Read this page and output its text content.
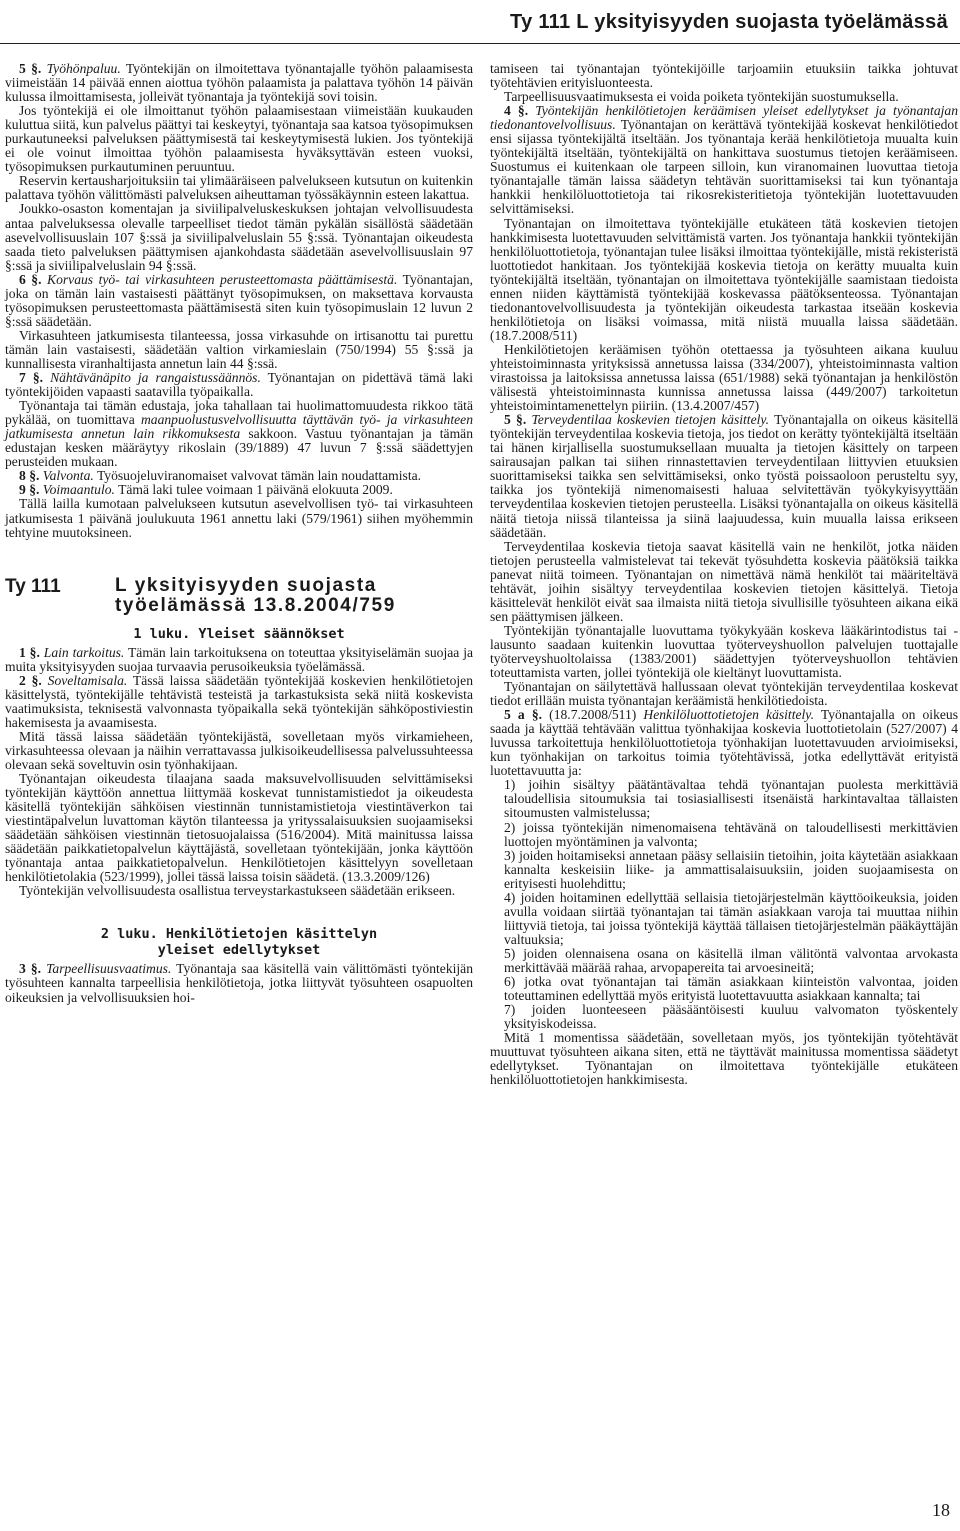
Ty 111 L yksityisyyden suojasta työelämässä

5 §. Työhönpaluu. Työntekijän on ilmoitettava työnantajalle työhön palaamisesta viimeistään 14 päivää ennen aiottua työhön palaamista ja palattava työhön 14 päivän kulussa ilmoittamisesta, jolleivät työnantaja ja työntekijä sovi toisin.

Jos työntekijä ei ole ilmoittanut työhön palaamisestaan viimeistään kuukauden kuluttua siitä, kun palvelus päättyi tai keskeytyi, työnantaja saa katsoa työsopimuksen purkautuneeksi palveluksen päättymisestä tai keskeytymisestä lukien. Jos työntekijä ei ole voinut ilmoittaa työhön palaamisesta hyväksyttävän esteen vuoksi, työsopimuksen purkautuminen peruuntuu.

Reservin kertausharjoituksiin tai ylimääräiseen palvelukseen kutsutun on kuitenkin palattava työhön välittömästi palveluksen aiheuttaman työssäkäynnin esteen lakattua.

Joukko-osaston komentajan ja siviilipalveluskeskuksen johtajan velvollisuudesta antaa palveluksessa olevalle tarpeelliset tiedot tämän pykälän sisällöstä säädetään asevelvollisuuslain 107 §:ssä ja siviilipalveluslain 55 §:ssä. Työnantajan oikeudesta saada tieto palveluksen päättymisen ajankohdasta säädetään asevelvollisuuslain 97 §:ssä ja siviilipalveluslain 94 §:ssä.

6 §. Korvaus työ- tai virkasuhteen perusteettomasta päättämisestä. Työnantajan, joka on tämän lain vastaisesti päättänyt työsopimuksen, on maksettava korvausta työsopimuksen perusteettomasta päättämisestä siten kuin työsopimuslain 12 luvun 2 §:ssä säädetään.

Virkasuhteen jatkumisesta tilanteessa, jossa virkasuhde on irtisanottu tai purettu tämän lain vastaisesti, säädetään valtion virkamieslain (750/1994) 55 §:ssä ja kunnallisesta viranhaltijasta annetun lain 44 §:ssä.

7 §. Nähtävänäpito ja rangaistussäännös. Työnantajan on pidettävä tämä laki työntekijöiden vapaasti saatavilla työpaikalla.

Työnantaja tai tämän edustaja, joka tahallaan tai huolimattomuudesta rikkoo tätä pykälää, on tuomittava maanpuolustusvelvollisuutta täyttävän työ- ja virkasuhteen jatkumisesta annetun lain rikkomuksesta sakkoon. Vastuu työnantajan ja tämän edustajan kesken määräytyy rikoslain (39/1889) 47 luvun 7 §:ssä säädettyjen perusteiden mukaan.

8 §. Valvonta. Työsuojeluviranomaiset valvovat tämän lain noudattamista.

9 §. Voimaantulo. Tämä laki tulee voimaan 1 päivänä elokuuta 2009.

Tällä lailla kumotaan palvelukseen kutsutun asevelvollisen työ- tai virkasuhteen jatkumisesta 1 päivänä joulukuuta 1961 annettu laki (579/1961) siihen myöhemmin tehtyine muutoksineen.

Ty 111	L yksityisyyden suojasta
työelämässä 13.8.2004/759
1 luku. Yleiset säännökset

1 §. Lain tarkoitus. Tämän lain tarkoituksena on toteuttaa yksityiselämän suojaa ja muita yksityisyyden suojaa turvaavia perusoikeuksia työelämässä.

2 §. Soveltamisala. Tässä laissa säädetään työntekijää koskevien henkilötietojen käsittelystä, työntekijälle tehtävistä testeistä ja tarkastuksista sekä niitä koskevista vaatimuksista, teknisestä valvonnasta työpaikalla sekä työntekijän sähköpostiviestin hakemisesta ja avaamisesta.

Mitä tässä laissa säädetään työntekijästä, sovelletaan myös virkamieheen, virkasuhteessa olevaan ja näihin verrattavassa julkisoikeudellisessa palvelussuhteessa olevaan sekä soveltuvin osin työnhakijaan.

Työnantajan oikeudesta tilaajana saada maksuvelvollisuuden selvittämiseksi työntekijän käyttöön annettua liittymää koskevat tunnistamistiedot ja oikeudesta käsitellä työntekijän sähköisen viestinnän tunnistamistietoja viestintäverkon tai viestintäpalvelun luvattoman käytön tilanteessa ja yrityssalaisuuksien suojaamiseksi säädetään sähköisen viestinnän tietosuojalaissa (516/2004). Mitä mainitussa laissa säädetään paikkatietopalvelun käyttäjästä, sovelletaan työntekijään, jonka käyttöön työnantaja antaa paikkatietopalvelun. Henkilötietojen käsittelyyn sovelletaan henkilötietolakia (523/1999), jollei tässä laissa toisin säädetä. (13.3.2009/126)

Työntekijän velvollisuudesta osallistua terveystarkastukseen säädetään erikseen.

2 luku. Henkilötietojen käsittelyn
yleiset edellytykset

3 §. Tarpeellisuusvaatimus. Työnantaja saa käsitellä vain välittömästi työntekijän työsuhteen kannalta tarpeellisia henkilötietoja, jotka liittyvät työsuhteen osapuolten oikeuksien ja velvollisuuksien hoi-

tamiseen tai työnantajan työntekijöille tarjoamiin etuuksiin taikka johtuvat työtehtävien erityisluonteesta.

Tarpeellisuusvaatimuksesta ei voida poiketa työntekijän suostumuksella.

4 §. Työntekijän henkilötietojen keräämisen yleiset edellytykset ja työnantajan tiedonantovelvollisuus. Työnantajan on kerättävä työntekijää koskevat henkilötiedot ensi sijassa työntekijältä itseltään. Jos työnantaja kerää henkilötietoja muualta kuin työntekijältä itseltään, työntekijältä on hankittava suostumus tietojen keräämiseen. Suostumus ei kuitenkaan ole tarpeen silloin, kun viranomainen luovuttaa tietoja työnantajalle tämän laissa säädetyn tehtävän suorittamiseksi tai kun työnantaja hankkii henkilöluottotietoja tai rikosrekisteritietoja työntekijän luotettavuuden selvittämiseksi.

Työnantajan on ilmoitettava työntekijälle etukäteen tätä koskevien tietojen hankkimisesta luotettavuuden selvittämistä varten. Jos työnantaja hankkii työntekijän henkilöluottotietoja, työnantajan tulee lisäksi ilmoittaa työntekijälle, mistä rekisteristä luottotiedot hankitaan. Jos työntekijää koskevia tietoja on kerätty muualta kuin työntekijältä itseltään, työnantajan on ilmoitettava työntekijälle saamistaan tiedoista ennen niiden käyttämistä työntekijää koskevassa päätöksenteossa. Työnantajan tiedonantovelvollisuudesta ja työntekijän oikeudesta tarkastaa itseään koskevia henkilötietoja on lisäksi voimassa, mitä niistä muualla laissa säädetään. (18.7.2008/511)

Henkilötietojen keräämisen työhön otettaessa ja työsuhteen aikana kuuluu yhteistoiminnasta yrityksissä annetussa laissa (334/2007), yhteistoiminnasta valtion virastoissa ja laitoksissa annetussa laissa (651/1988) sekä työnantajan ja henkilöstön välisestä yhteistoiminnasta kunnissa annetussa laissa (449/2007) tarkoitetun yhteistoimintamenettelyn piiriin. (13.4.2007/457)

5 §. Terveydentilaa koskevien tietojen käsittely. Työnantajalla on oikeus käsitellä työntekijän terveydentilaa koskevia tietoja, jos tiedot on kerätty työntekijältä itseltään tai hänen kirjallisella suostumuksellaan muualta ja tietojen käsittely on tarpeen sairausajan palkan tai siihen rinnastettavien terveydentilaan liittyvien etuuksien suorittamiseksi taikka sen selvittämiseksi, onko työstä poissaoloon perusteltu syy, taikka jos työntekijä nimenomaisesti haluaa selvitettävän työkykyisyyttään terveydentilaa koskevien tietojen perusteella. Lisäksi työnantajalla on oikeus käsitellä näitä tietoja niissä tilanteissa ja siinä laajuudessa, kuin muualla laissa erikseen säädetään.

Terveydentilaa koskevia tietoja saavat käsitellä vain ne henkilöt, jotka näiden tietojen perusteella valmistelevat tai tekevät työsuhdetta koskevia päätöksiä taikka panevat niitä toimeen. Työnantajan on nimettävä nämä henkilöt tai määriteltävä tehtävät, joihin sisältyy terveydentilaa koskevien tietojen käsittelyä. Tietoja käsittelevät henkilöt eivät saa ilmaista niitä tietoja sivullisille työsuhteen aikana eikä sen päättymisen jälkeen.

Työntekijän työnantajalle luovuttama työkykyään koskeva lääkärintodistus tai -lausunto saadaan kuitenkin luovuttaa työterveyshuollon palvelujen tuottajalle työterveyshuoltolaissa (1383/2001) säädettyjen työterveyshuollon tehtävien toteuttamista varten, jollei työntekijä ole kieltänyt luovuttamista.

Työnantajan on säilytettävä hallussaan olevat työntekijän terveydentilaa koskevat tiedot erillään muista työnantajan keräämistä henkilötiedoista.

5 a §. (18.7.2008/511) Henkilöluottotietojen käsittely. Työnantajalla on oikeus saada ja käyttää tehtävään valittua työnhakijaa koskevia luottotietolain (527/2007) 4 luvussa tarkoitettuja henkilöluottotietoja työnhakijan luotettavuuden arvioimiseksi, kun työnhakijan on tarkoitus toimia työtehtävissä, jotka edellyttävät erityistä luotettavuutta ja:

1) joihin sisältyy päätäntävaltaa tehdä työnantajan puolesta merkittäviä taloudellisia sitoumuksia tai tosiasiallisesti itsenäistä harkintavaltaa tällaisten sitoumusten valmistelussa;

2) joissa työntekijän nimenomaisena tehtävänä on taloudellisesti merkittävien luottojen myöntäminen ja valvonta;

3) joiden hoitamiseksi annetaan pääsy sellaisiin tietoihin, joita käytetään asiakkaan kannalta keskeisiin liike- ja ammattisalaisuuksiin, joiden suojaamisesta on erityisesti huolehdittu;

4) joiden hoitaminen edellyttää sellaisia tietojärjestelmän käyttöoikeuksia, joiden avulla voidaan siirtää työnantajan tai tämän asiakkaan varoja tai muuttaa niihin liittyviä tietoja, tai joissa työntekijä käyttää tällaisen tietojärjestelmän pääkäyttäjän valtuuksia;

5) joiden olennaisena osana on käsitellä ilman välitöntä valvontaa arvokasta merkittävää määrää rahaa, arvopapereita tai arvoesineitä;

6) jotka ovat työnantajan tai tämän asiakkaan kiinteistön valvontaa, joiden toteuttaminen edellyttää myös erityistä luotettavuutta asiakkaan kannalta; tai

7) joiden luonteeseen pääsääntöisesti kuuluu valvomaton työskentely yksityiskodeissa.

Mitä 1 momentissa säädetään, sovelletaan myös, jos työntekijän työtehtävät muuttuvat työsuhteen aikana siten, että ne täyttävät mainitussa momentissa säädetyt edellytykset. Työnantajan on ilmoitettava työntekijälle etukäteen henkilöluottotietojen hankkimisesta.

18
